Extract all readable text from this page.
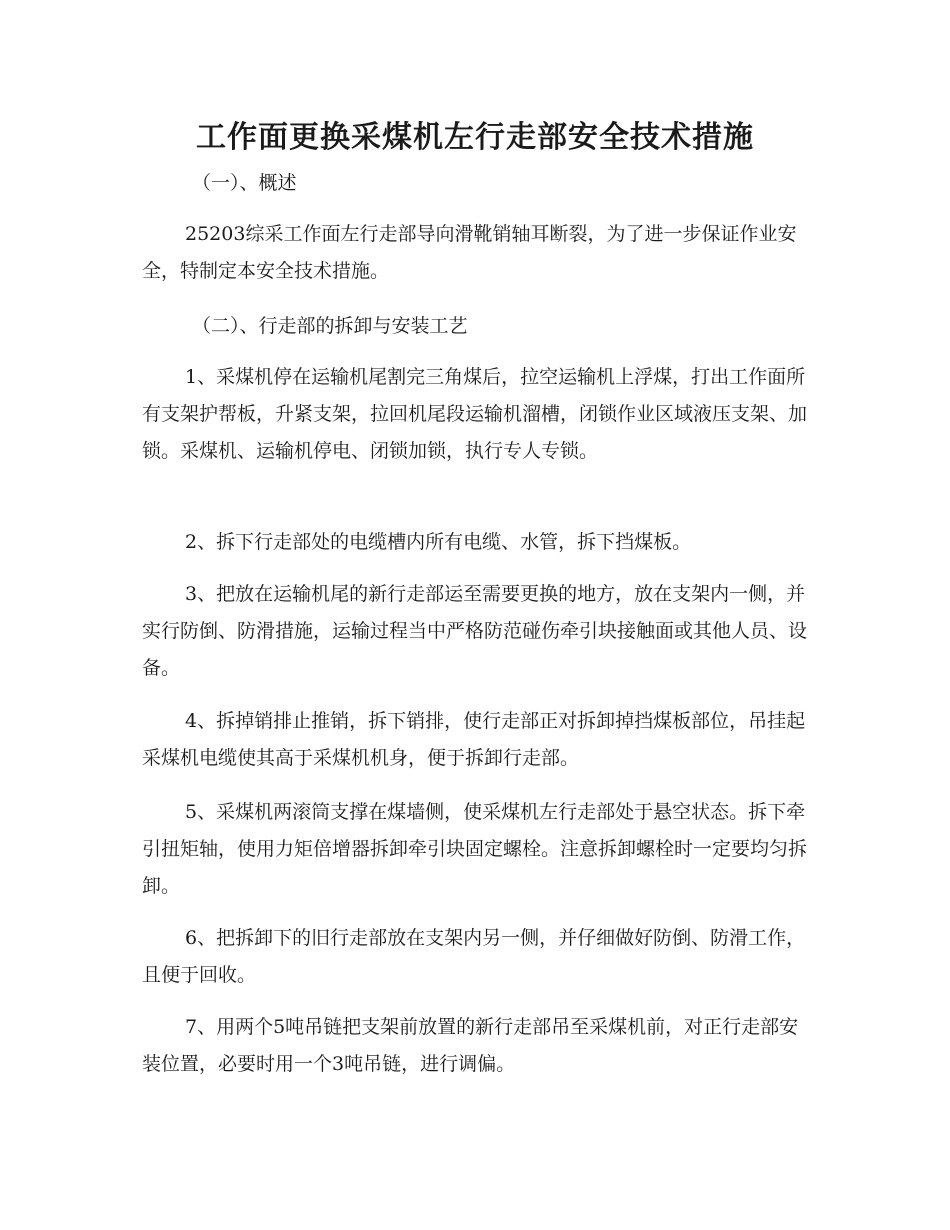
工作面更换采煤机左行走部安全技术措施

（一）、概述

25203综采工作面左行走部导向滑靴销轴耳断裂，为了进一步保证作业安全，特制定本安全技术措施。

（二）、行走部的拆卸与安装工艺

1、采煤机停在运输机尾割完三角煤后，拉空运输机上浮煤，打出工作面所有支架护帮板，升紧支架，拉回机尾段运输机溜槽，闭锁作业区域液压支架、加锁。采煤机、运输机停电、闭锁加锁，执行专人专锁。

2、拆下行走部处的电缆槽内所有电缆、水管，拆下挡煤板。

3、把放在运输机尾的新行走部运至需要更换的地方，放在支架内一侧，并实行防倒、防滑措施，运输过程当中严格防范碰伤牵引块接触面或其他人员、设备。

4、拆掉销排止推销，拆下销排，使行走部正对拆卸掉挡煤板部位，吊挂起采煤机电缆使其高于采煤机机身，便于拆卸行走部。

5、采煤机两滚筒支撑在煤墙侧，使采煤机左行走部处于悬空状态。拆下牵引扭矩轴，使用力矩倍增器拆卸牵引块固定螺栓。注意拆卸螺栓时一定要均匀拆卸。

6、把拆卸下的旧行走部放在支架内另一侧，并仔细做好防倒、防滑工作，且便于回收。

7、用两个5吨吊链把支架前放置的新行走部吊至采煤机前，对正行走部安装位置，必要时用一个3吨吊链，进行调偏。
